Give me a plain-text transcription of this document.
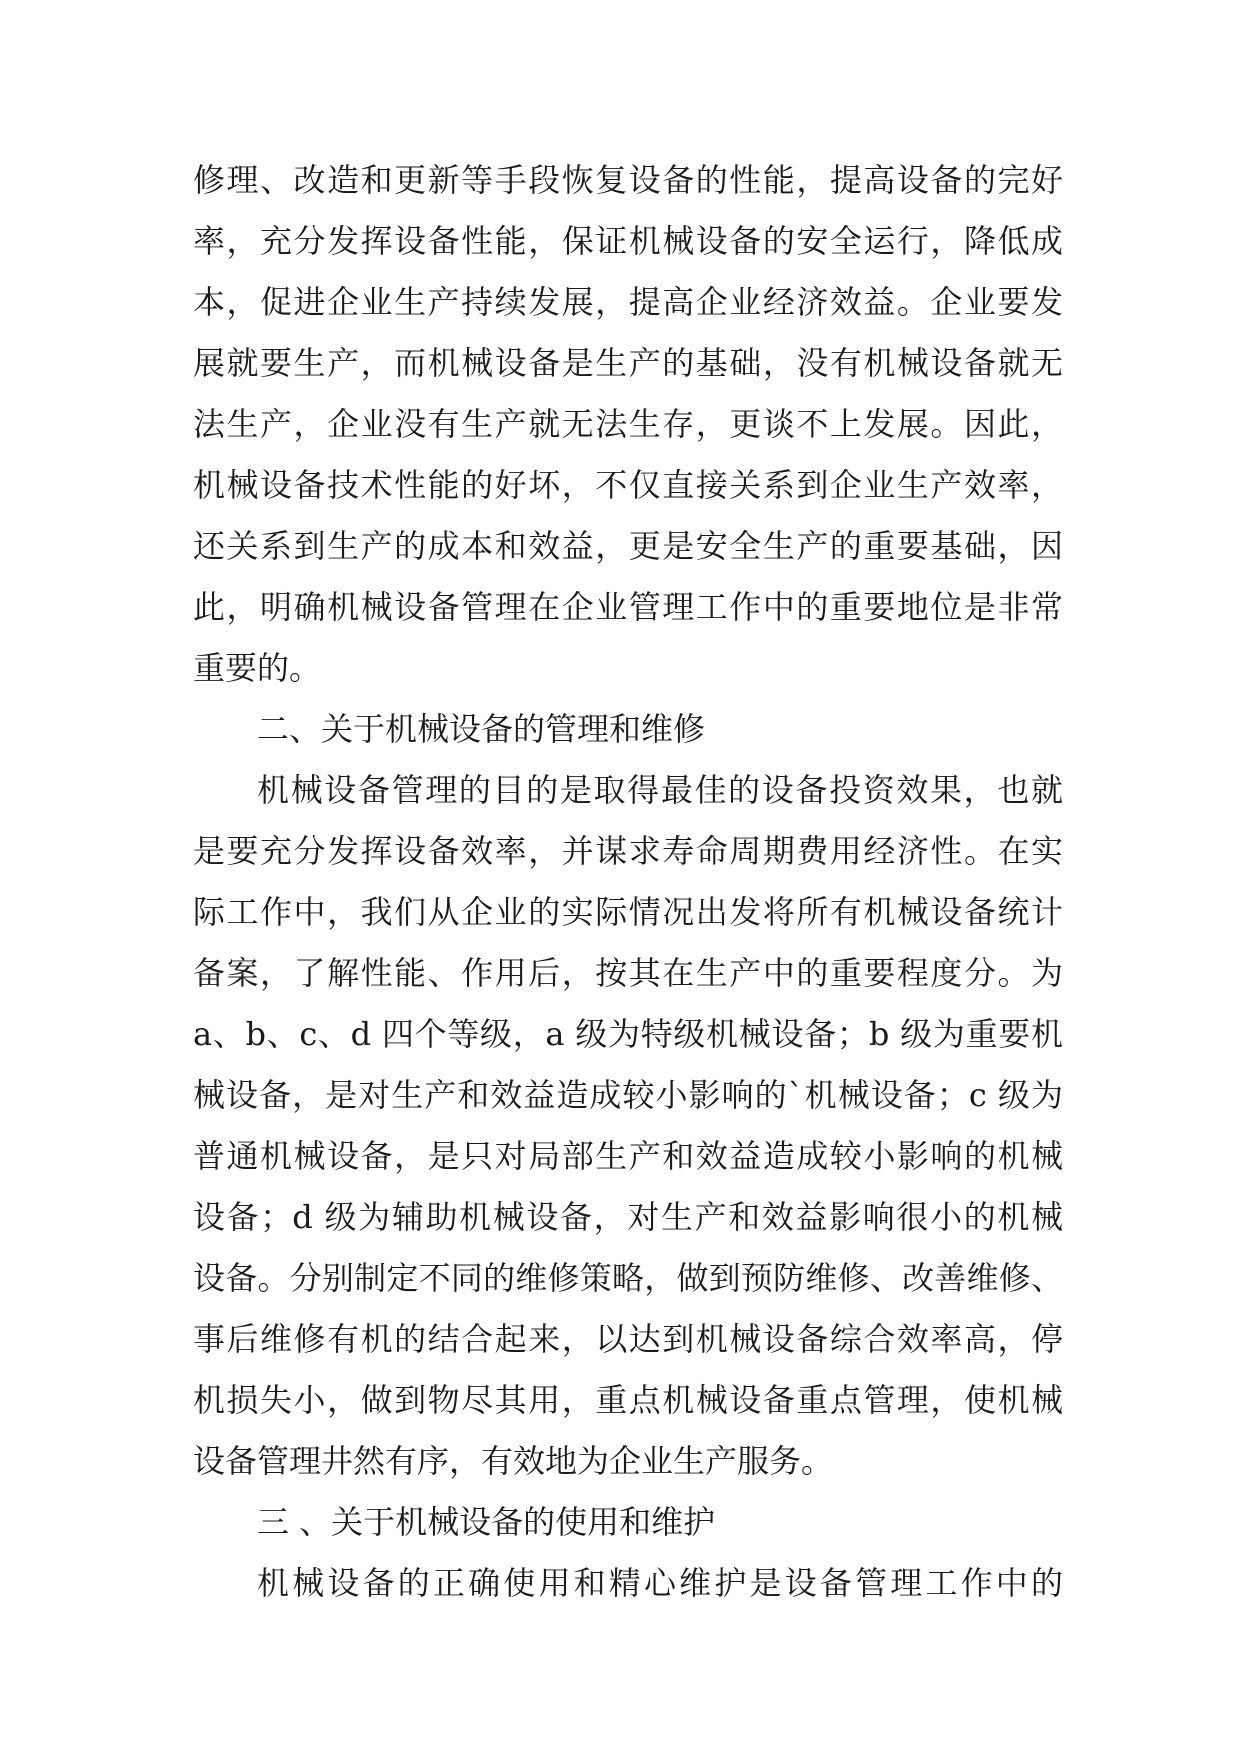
修理、改造和更新等手段恢复设备的性能，提高设备的完好
率，充分发挥设备性能，保证机械设备的安全运行，降低成
本，促进企业生产持续发展，提高企业经济效益。企业要发
展就要生产，而机械设备是生产的基础，没有机械设备就无
法生产，企业没有生产就无法生存，更谈不上发展。因此，
机械设备技术性能的好坏，不仅直接关系到企业生产效率，
还关系到生产的成本和效益，更是安全生产的重要基础，因
此，明确机械设备管理在企业管理工作中的重要地位是非常
重要的。
二、关于机械设备的管理和维修
机械设备管理的目的是取得最佳的设备投资效果，也就
是要充分发挥设备效率，并谋求寿命周期费用经济性。在实
际工作中，我们从企业的实际情况出发将所有机械设备统计
备案，了解性能、作用后，按其在生产中的重要程度分。为
a、b、c、d 四个等级，a 级为特级机械设备；b 级为重要机
械设备，是对生产和效益造成较小影响的`机械设备；c 级为
普通机械设备，是只对局部生产和效益造成较小影响的机械
设备；d 级为辅助机械设备，对生产和效益影响很小的机械
设备。分别制定不同的维修策略，做到预防维修、改善维修、
事后维修有机的结合起来，以达到机械设备综合效率高，停
机损失小，做到物尽其用，重点机械设备重点管理，使机械
设备管理井然有序，有效地为企业生产服务。
三 、关于机械设备的使用和维护
机械设备的正确使用和精心维护是设备管理工作中的
